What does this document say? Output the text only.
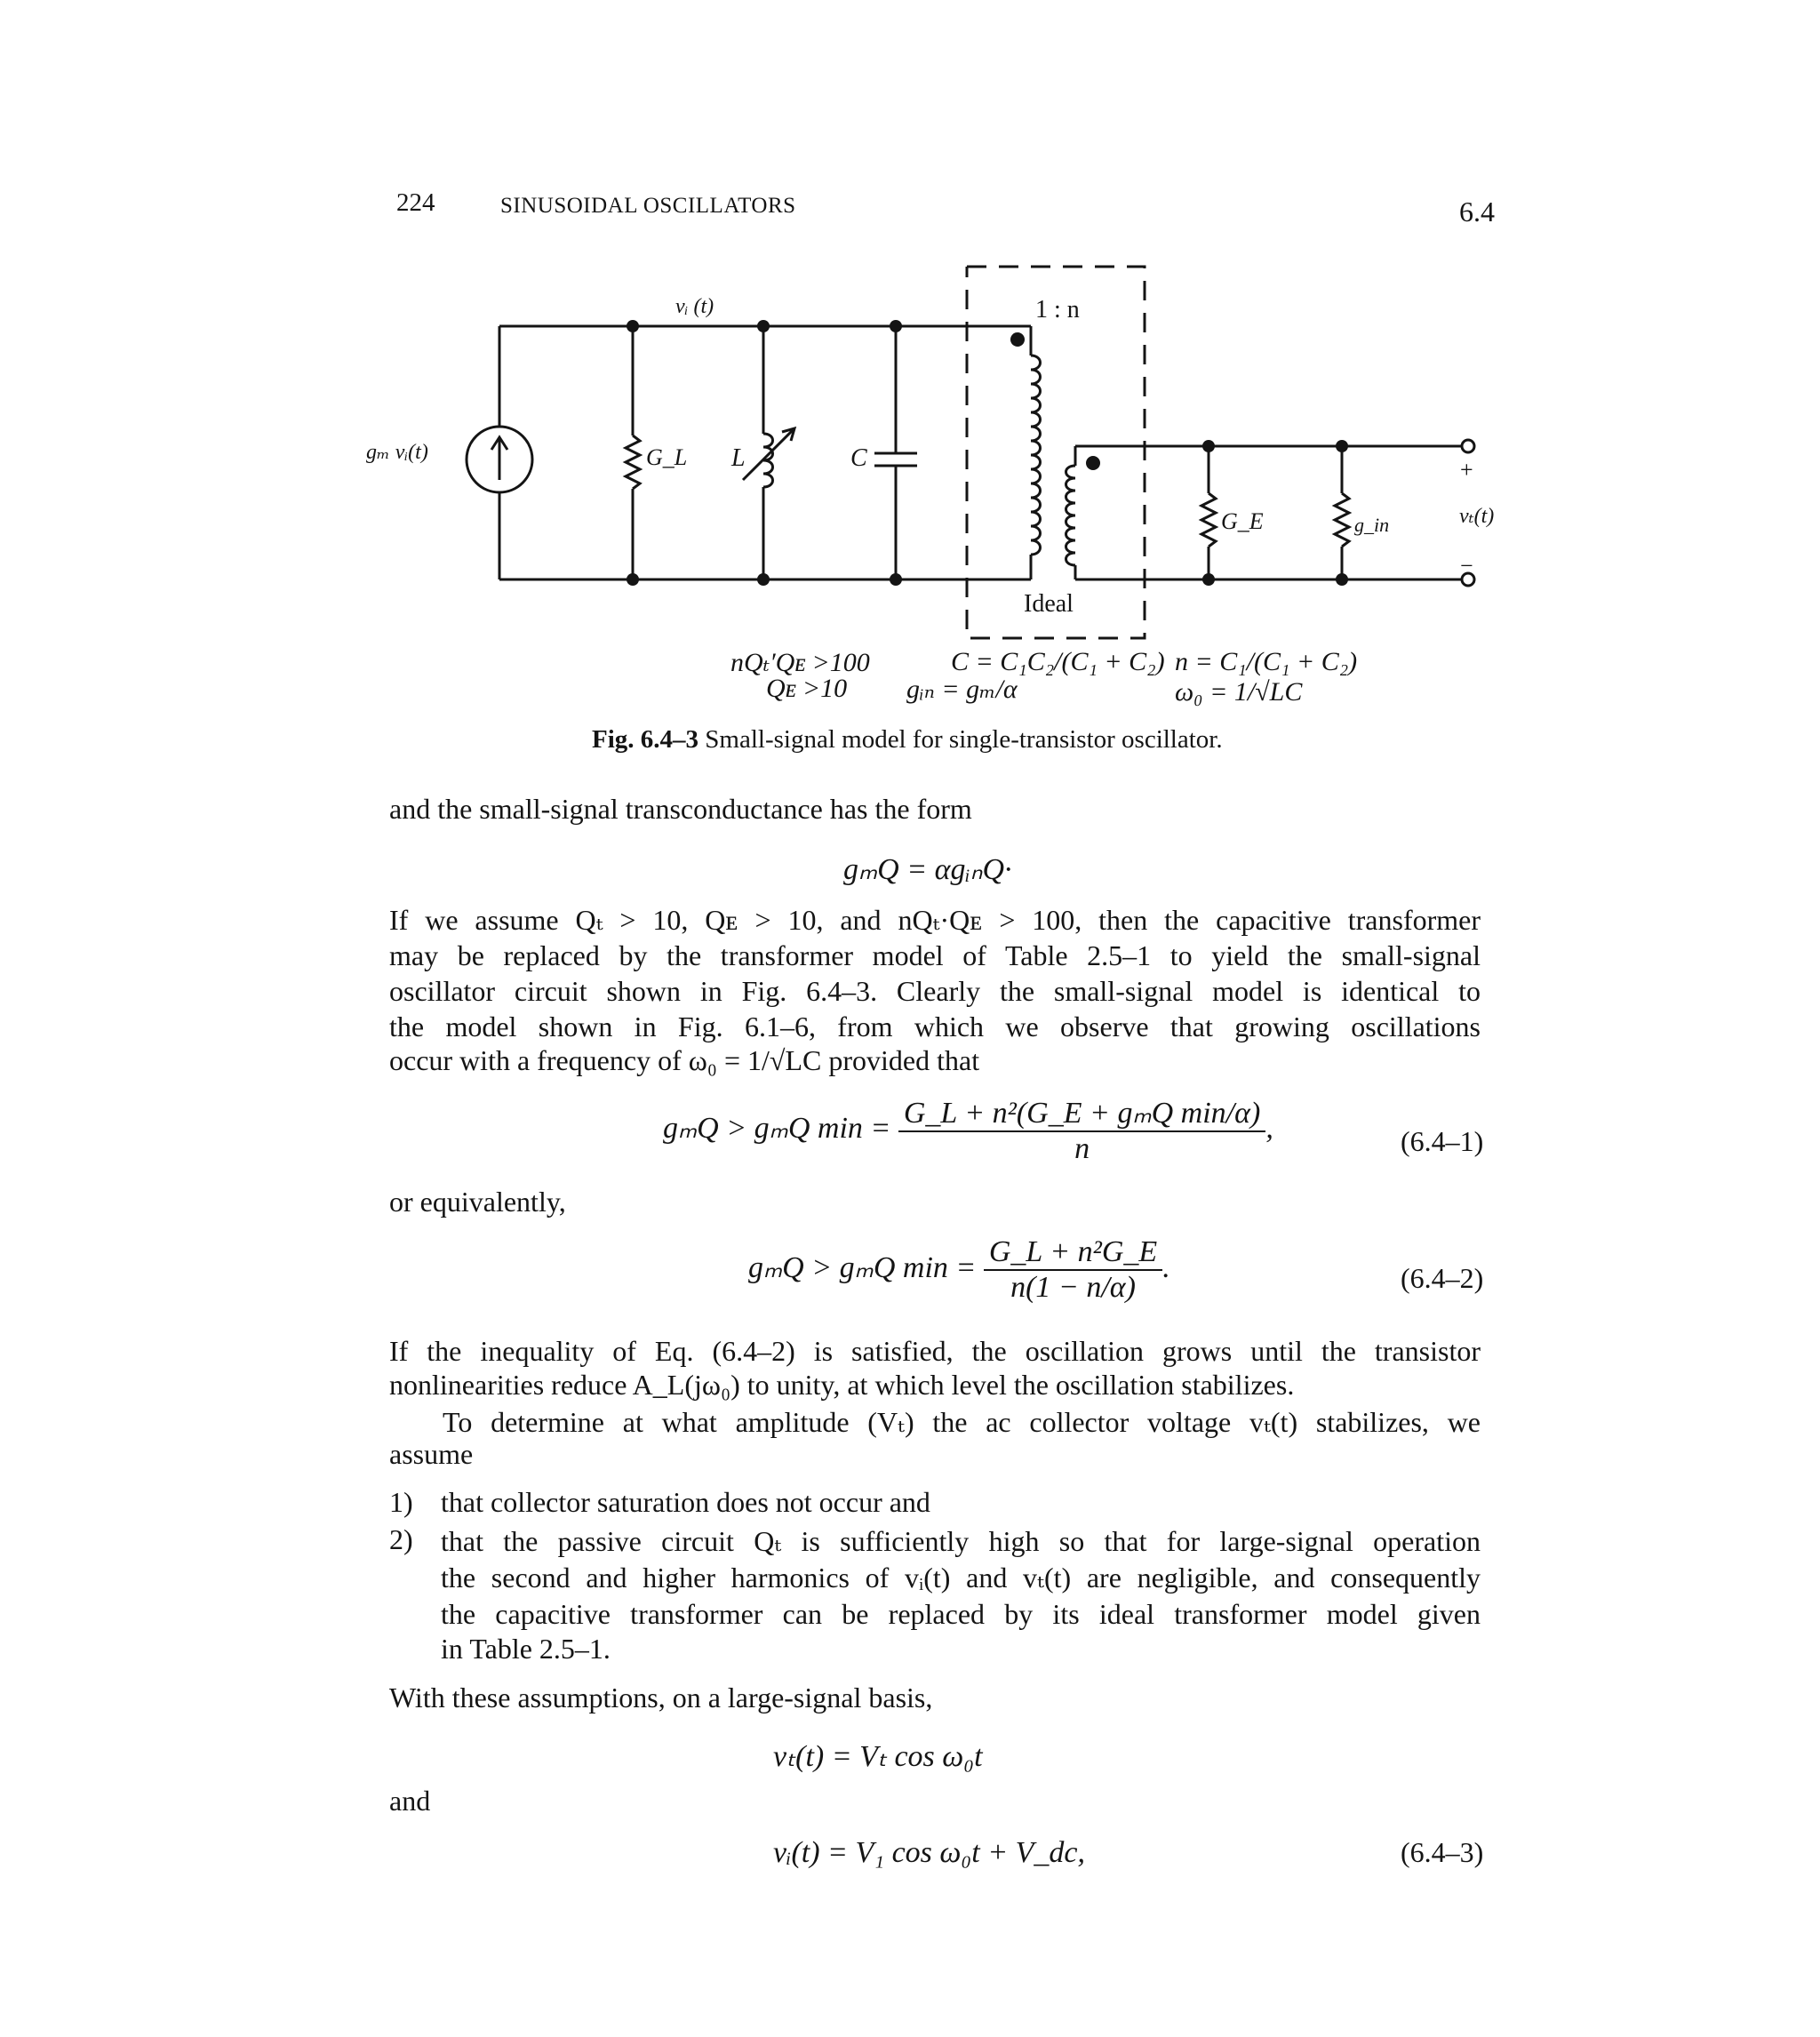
224	SINUSOIDAL OSCILLATORS	6.4
gₘ vᵢ(t)
vᵢ (t)
G_L L	C
1 : n
Ideal
G_E	g_in	vₜ(t)
+
−
nQₜ′Qᴇ >100
Qᴇ >10
C = C₁C₂/(C₁ + C₂)
gᵢₙ = gₘ/α
n = C₁/(C₁ + C₂)
ω₀ = 1/√LC
Fig. 6.4–3 Small-signal model for single-transistor oscillator.
and the small-signal transconductance has the form
gₘQ = αgᵢₙQ·
If we assume Qₜ > 10, Qᴇ > 10, and nQₜ·Qᴇ > 100, then the capacitive transformer
may be replaced by the transformer model of Table 2.5–1 to yield the small-signal
oscillator circuit shown in Fig. 6.4–3. Clearly the small-signal model is identical to
the model shown in Fig. 6.1–6, from which we observe that growing oscillations
occur with a frequency of ω₀ = 1/√LC provided that
gₘQ > gₘQ $\min = \frac{\text{G\_L + n²(G\_E + gₘQ min/α)}}{n}$ ,	(6.4–1)
or equivalently,
gₘQ > gₘQ $\min = \frac{\text{G\_L + n²G\_E}}{n(1 - n/\alpha)}$ .	(6.4–2)
If the inequality of Eq. (6.4–2) is satisfied, the oscillation grows until the transistor
nonlinearities reduce A_L(jω₀) to unity, at which level the oscillation stabilizes.
To determine at what amplitude (Vₜ) the ac collector voltage vₜ(t) stabilizes, we
assume
1) that collector saturation does not occur and
2) that the passive circuit Qₜ is sufficiently high so that for large-signal operation
the second and higher harmonics of vᵢ(t) and vₜ(t) are negligible, and consequently
the capacitive transformer can be replaced by its ideal transformer model given
in Table 2.5–1.
With these assumptions, on a large-signal basis,
vₜ(t) = Vₜ cos ω₀t
and
vᵢ(t) = V₁ cos ω₀t + V_dc,	(6.4–3)
